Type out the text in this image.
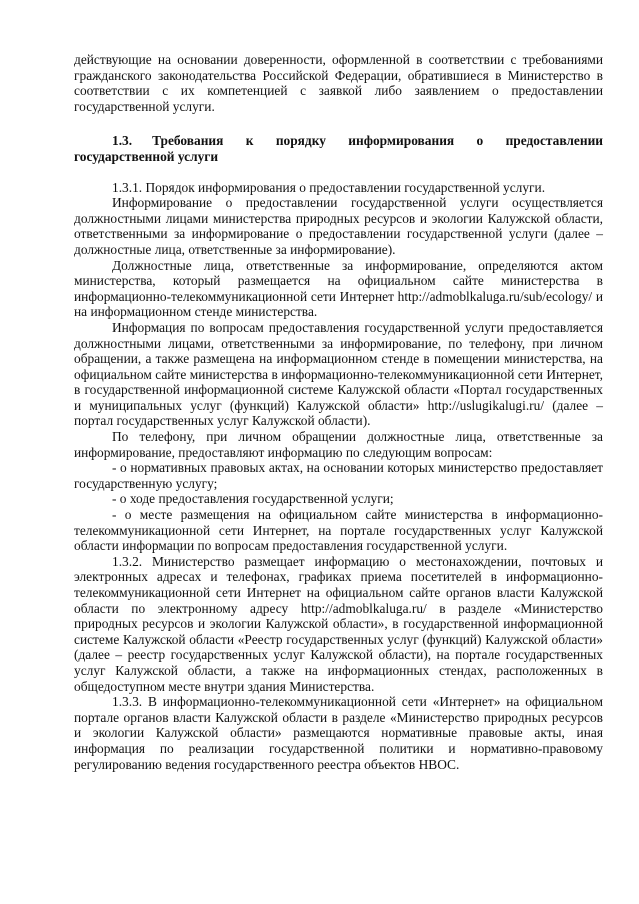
действующие на основании доверенности, оформленной в соответствии с требованиями гражданского законодательства Российской Федерации, обратившиеся в Министерство в соответствии с их компетенцией с заявкой либо заявлением о предоставлении государственной услуги.

1.3. Требования к порядку информирования о предоставлении государственной услуги

1.3.1. Порядок информирования о предоставлении государственной услуги.

Информирование о предоставлении государственной услуги осуществляется должностными лицами министерства природных ресурсов и экологии Калужской области, ответственными за информирование о предоставлении государственной услуги (далее – должностные лица, ответственные за информирование).

Должностные лица, ответственные за информирование, определяются актом министерства, который размещается на официальном сайте министерства в информационно-телекоммуникационной сети Интернет http://admoblkaluga.ru/sub/ecology/ и на информационном стенде министерства.

Информация по вопросам предоставления государственной услуги предоставляется должностными лицами, ответственными за информирование, по телефону, при личном обращении, а также размещена на информационном стенде в помещении министерства, на официальном сайте министерства в информационно-телекоммуникационной сети Интернет, в государственной информационной системе Калужской области «Портал государственных и муниципальных услуг (функций) Калужской области» http://uslugikalugi.ru/ (далее – портал государственных услуг Калужской области).

По телефону, при личном обращении должностные лица, ответственные за информирование, предоставляют информацию по следующим вопросам:

- о нормативных правовых актах, на основании которых министерство предоставляет государственную услугу;

- о ходе предоставления государственной услуги;

- о месте размещения на официальном сайте министерства в информационно-телекоммуникационной сети Интернет, на портале государственных услуг Калужской области информации по вопросам предоставления государственной услуги.

1.3.2. Министерство размещает информацию о местонахождении, почтовых и электронных адресах и телефонах, графиках приема посетителей в информационно-телекоммуникационной сети Интернет на официальном сайте органов власти Калужской области по электронному адресу http://admoblkaluga.ru/ в разделе «Министерство природных ресурсов и экологии Калужской области», в государственной информационной системе Калужской области «Реестр государственных услуг (функций) Калужской области» (далее – реестр государственных услуг Калужской области), на портале государственных услуг Калужской области, а также на информационных стендах, расположенных в общедоступном месте внутри здания Министерства.

1.3.3. В информационно-телекоммуникационной сети «Интернет» на официальном портале органов власти Калужской области в разделе «Министерство природных ресурсов и экологии Калужской области» размещаются нормативные правовые акты, иная информация по реализации государственной политики и нормативно-правовому регулированию ведения государственного реестра объектов НВОС.
